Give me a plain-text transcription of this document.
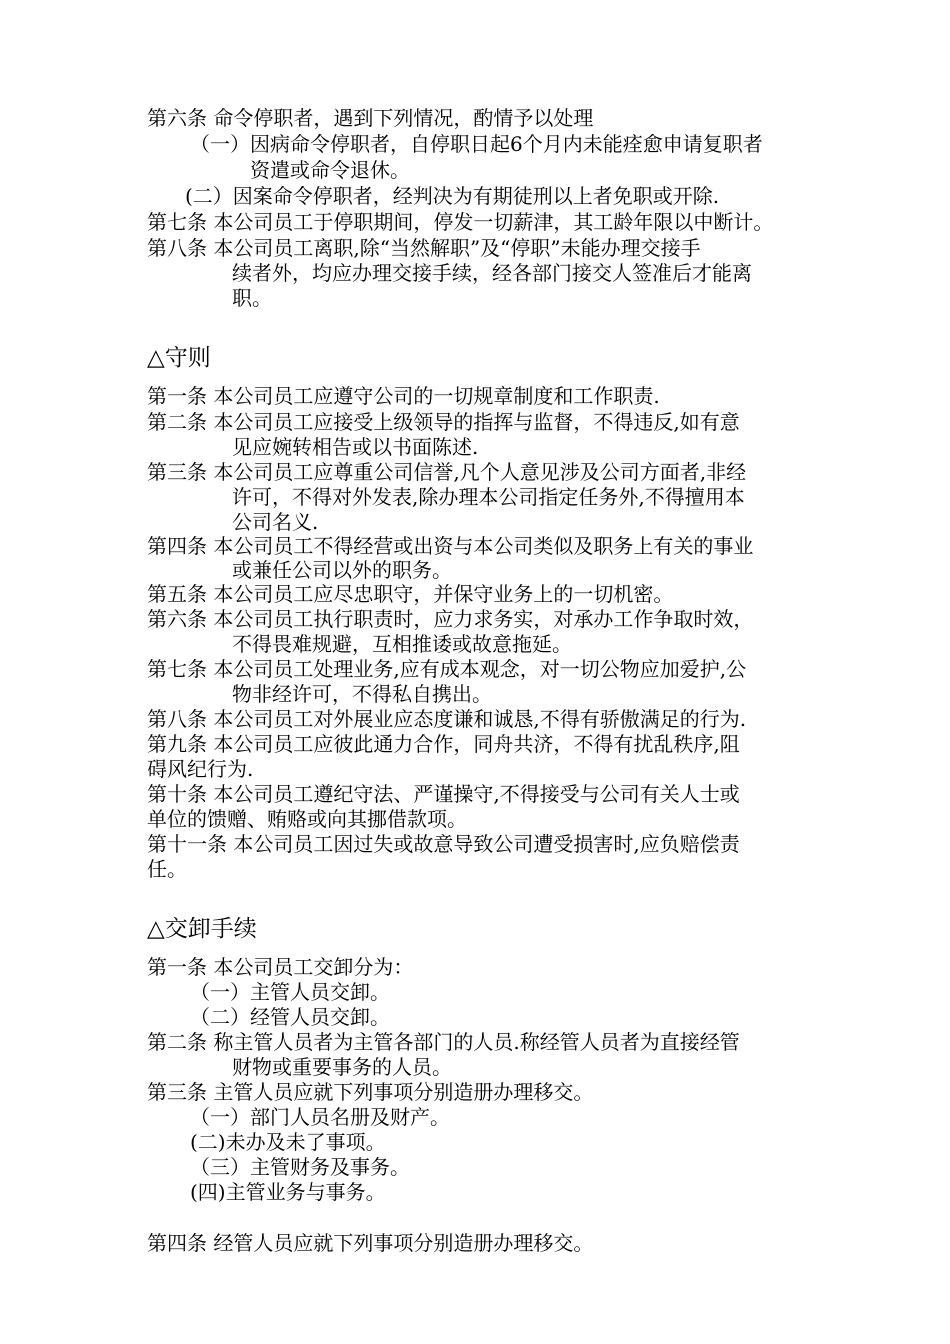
第六条 命令停职者，遇到下列情况，酌情予以处理
（一）因病命令停职者，自停职日起6个月内未能痊愈申请复职者
资遣或命令退休。
(二）因案命令停职者，经判决为有期徒刑以上者免职或开除.
第七条 本公司员工于停职期间，停发一切薪津，其工龄年限以中断计。
第八条 本公司员工离职,除“当然解职”及“停职”未能办理交接手
续者外，均应办理交接手续，经各部门接交人签准后才能离
职。
△守则
第一条 本公司员工应遵守公司的一切规章制度和工作职责.
第二条 本公司员工应接受上级领导的指挥与监督，不得违反,如有意
见应婉转相告或以书面陈述.
第三条 本公司员工应尊重公司信誉,凡个人意见涉及公司方面者,非经
许可，不得对外发表,除办理本公司指定任务外,不得擅用本
公司名义.
第四条 本公司员工不得经营或出资与本公司类似及职务上有关的事业
或兼任公司以外的职务。
第五条 本公司员工应尽忠职守，并保守业务上的一切机密。
第六条 本公司员工执行职责时，应力求务实，对承办工作争取时效，
不得畏难规避，互相推诿或故意拖延。
第七条 本公司员工处理业务,应有成本观念，对一切公物应加爱护,公
物非经许可，不得私自携出。
第八条 本公司员工对外展业应态度谦和诚恳,不得有骄傲满足的行为.
第九条 本公司员工应彼此通力合作，同舟共济，不得有扰乱秩序,阻
碍风纪行为.
第十条 本公司员工遵纪守法、严谨操守,不得接受与公司有关人士或
单位的馈赠、贿赂或向其挪借款项。
第十一条 本公司员工因过失或故意导致公司遭受损害时,应负赔偿责
任。
△交卸手续
第一条 本公司员工交卸分为：
（一）主管人员交卸。
（二）经管人员交卸。
第二条 称主管人员者为主管各部门的人员.称经管人员者为直接经管
财物或重要事务的人员。
第三条 主管人员应就下列事项分别造册办理移交。
（一）部门人员名册及财产。
(二)未办及未了事项。
（三）主管财务及事务。
(四)主管业务与事务。
第四条 经管人员应就下列事项分别造册办理移交。
